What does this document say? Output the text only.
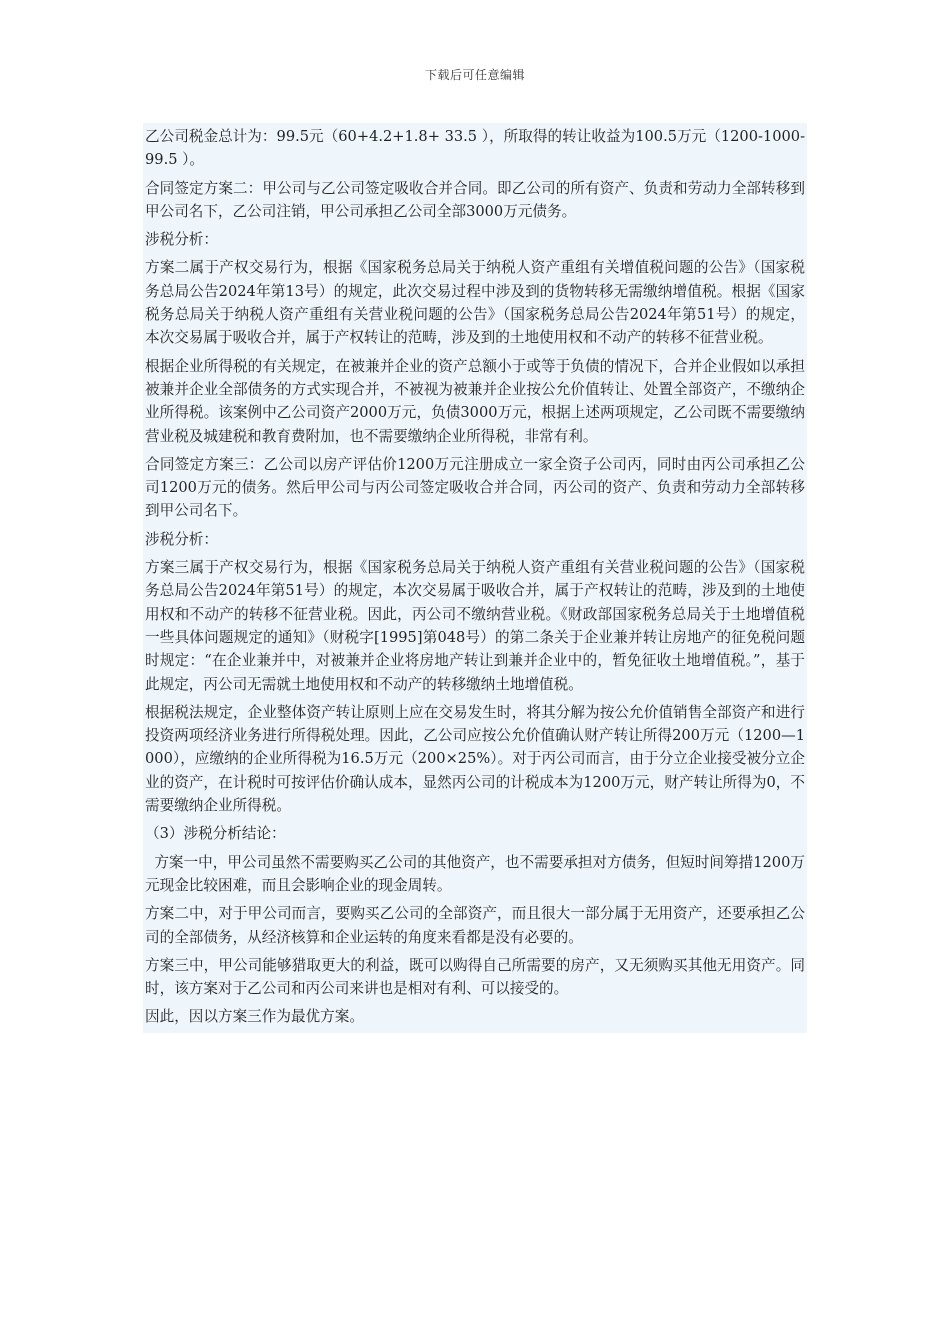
下载后可任意编辑

乙公司税金总计为：99.5元（60+4.2+1.8+ 33.5 ），所取得的转让收益为100.5万元（1200-1000- 99.5 ）。

合同签定方案二：甲公司与乙公司签定吸收合并合同。即乙公司的所有资产、负责和劳动力全部转移到甲公司名下，乙公司注销，甲公司承担乙公司全部3000万元债务。

涉税分析：

方案二属于产权交易行为，根据《国家税务总局关于纳税人资产重组有关增值税问题的公告》（国家税务总局公告2024年第13号）的规定，此次交易过程中涉及到的货物转移无需缴纳增值税。根据《国家税务总局关于纳税人资产重组有关营业税问题的公告》（国家税务总局公告2024年第51号）的规定，本次交易属于吸收合并，属于产权转让的范畴，涉及到的土地使用权和不动产的转移不征营业税。

根据企业所得税的有关规定，在被兼并企业的资产总额小于或等于负债的情况下，合并企业假如以承担被兼并企业全部债务的方式实现合并，不被视为被兼并企业按公允价值转让、处置全部资产，不缴纳企业所得税。该案例中乙公司资产2000万元，负债3000万元，根据上述两项规定，乙公司既不需要缴纳营业税及城建税和教育费附加，也不需要缴纳企业所得税，非常有利。

合同签定方案三：乙公司以房产评估价1200万元注册成立一家全资子公司丙，同时由丙公司承担乙公司1200万元的债务。然后甲公司与丙公司签定吸收合并合同，丙公司的资产、负责和劳动力全部转移到甲公司名下。

涉税分析：

方案三属于产权交易行为，根据《国家税务总局关于纳税人资产重组有关营业税问题的公告》（国家税务总局公告2024年第51号）的规定，本次交易属于吸收合并，属于产权转让的范畴，涉及到的土地使用权和不动产的转移不征营业税。因此，丙公司不缴纳营业税。《财政部国家税务总局关于土地增值税一些具体问题规定的通知》（财税字[1995]第048号）的第二条关于企业兼并转让房地产的征免税问题时规定：“在企业兼并中，对被兼并企业将房地产转让到兼并企业中的，暂免征收土地增值税。”，基于此规定，丙公司无需就土地使用权和不动产的转移缴纳土地增值税。

根据税法规定，企业整体资产转让原则上应在交易发生时，将其分解为按公允价值销售全部资产和进行投资两项经济业务进行所得税处理。因此，乙公司应按公允价值确认财产转让所得200万元（1200—1000），应缴纳的企业所得税为16.5万元（200×25%）。对于丙公司而言，由于分立企业接受被分立企业的资产，在计税时可按评估价确认成本，显然丙公司的计税成本为1200万元，财产转让所得为0，不需要缴纳企业所得税。

（3）涉税分析结论：

方案一中，甲公司虽然不需要购买乙公司的其他资产，也不需要承担对方债务，但短时间筹措1200万元现金比较困难，而且会影响企业的现金周转。

方案二中，对于甲公司而言，要购买乙公司的全部资产，而且很大一部分属于无用资产，还要承担乙公司的全部债务，从经济核算和企业运转的角度来看都是没有必要的。

方案三中，甲公司能够猎取更大的利益，既可以购得自己所需要的房产，又无须购买其他无用资产。同时，该方案对于乙公司和丙公司来讲也是相对有利、可以接受的。

因此，因以方案三作为最优方案。
